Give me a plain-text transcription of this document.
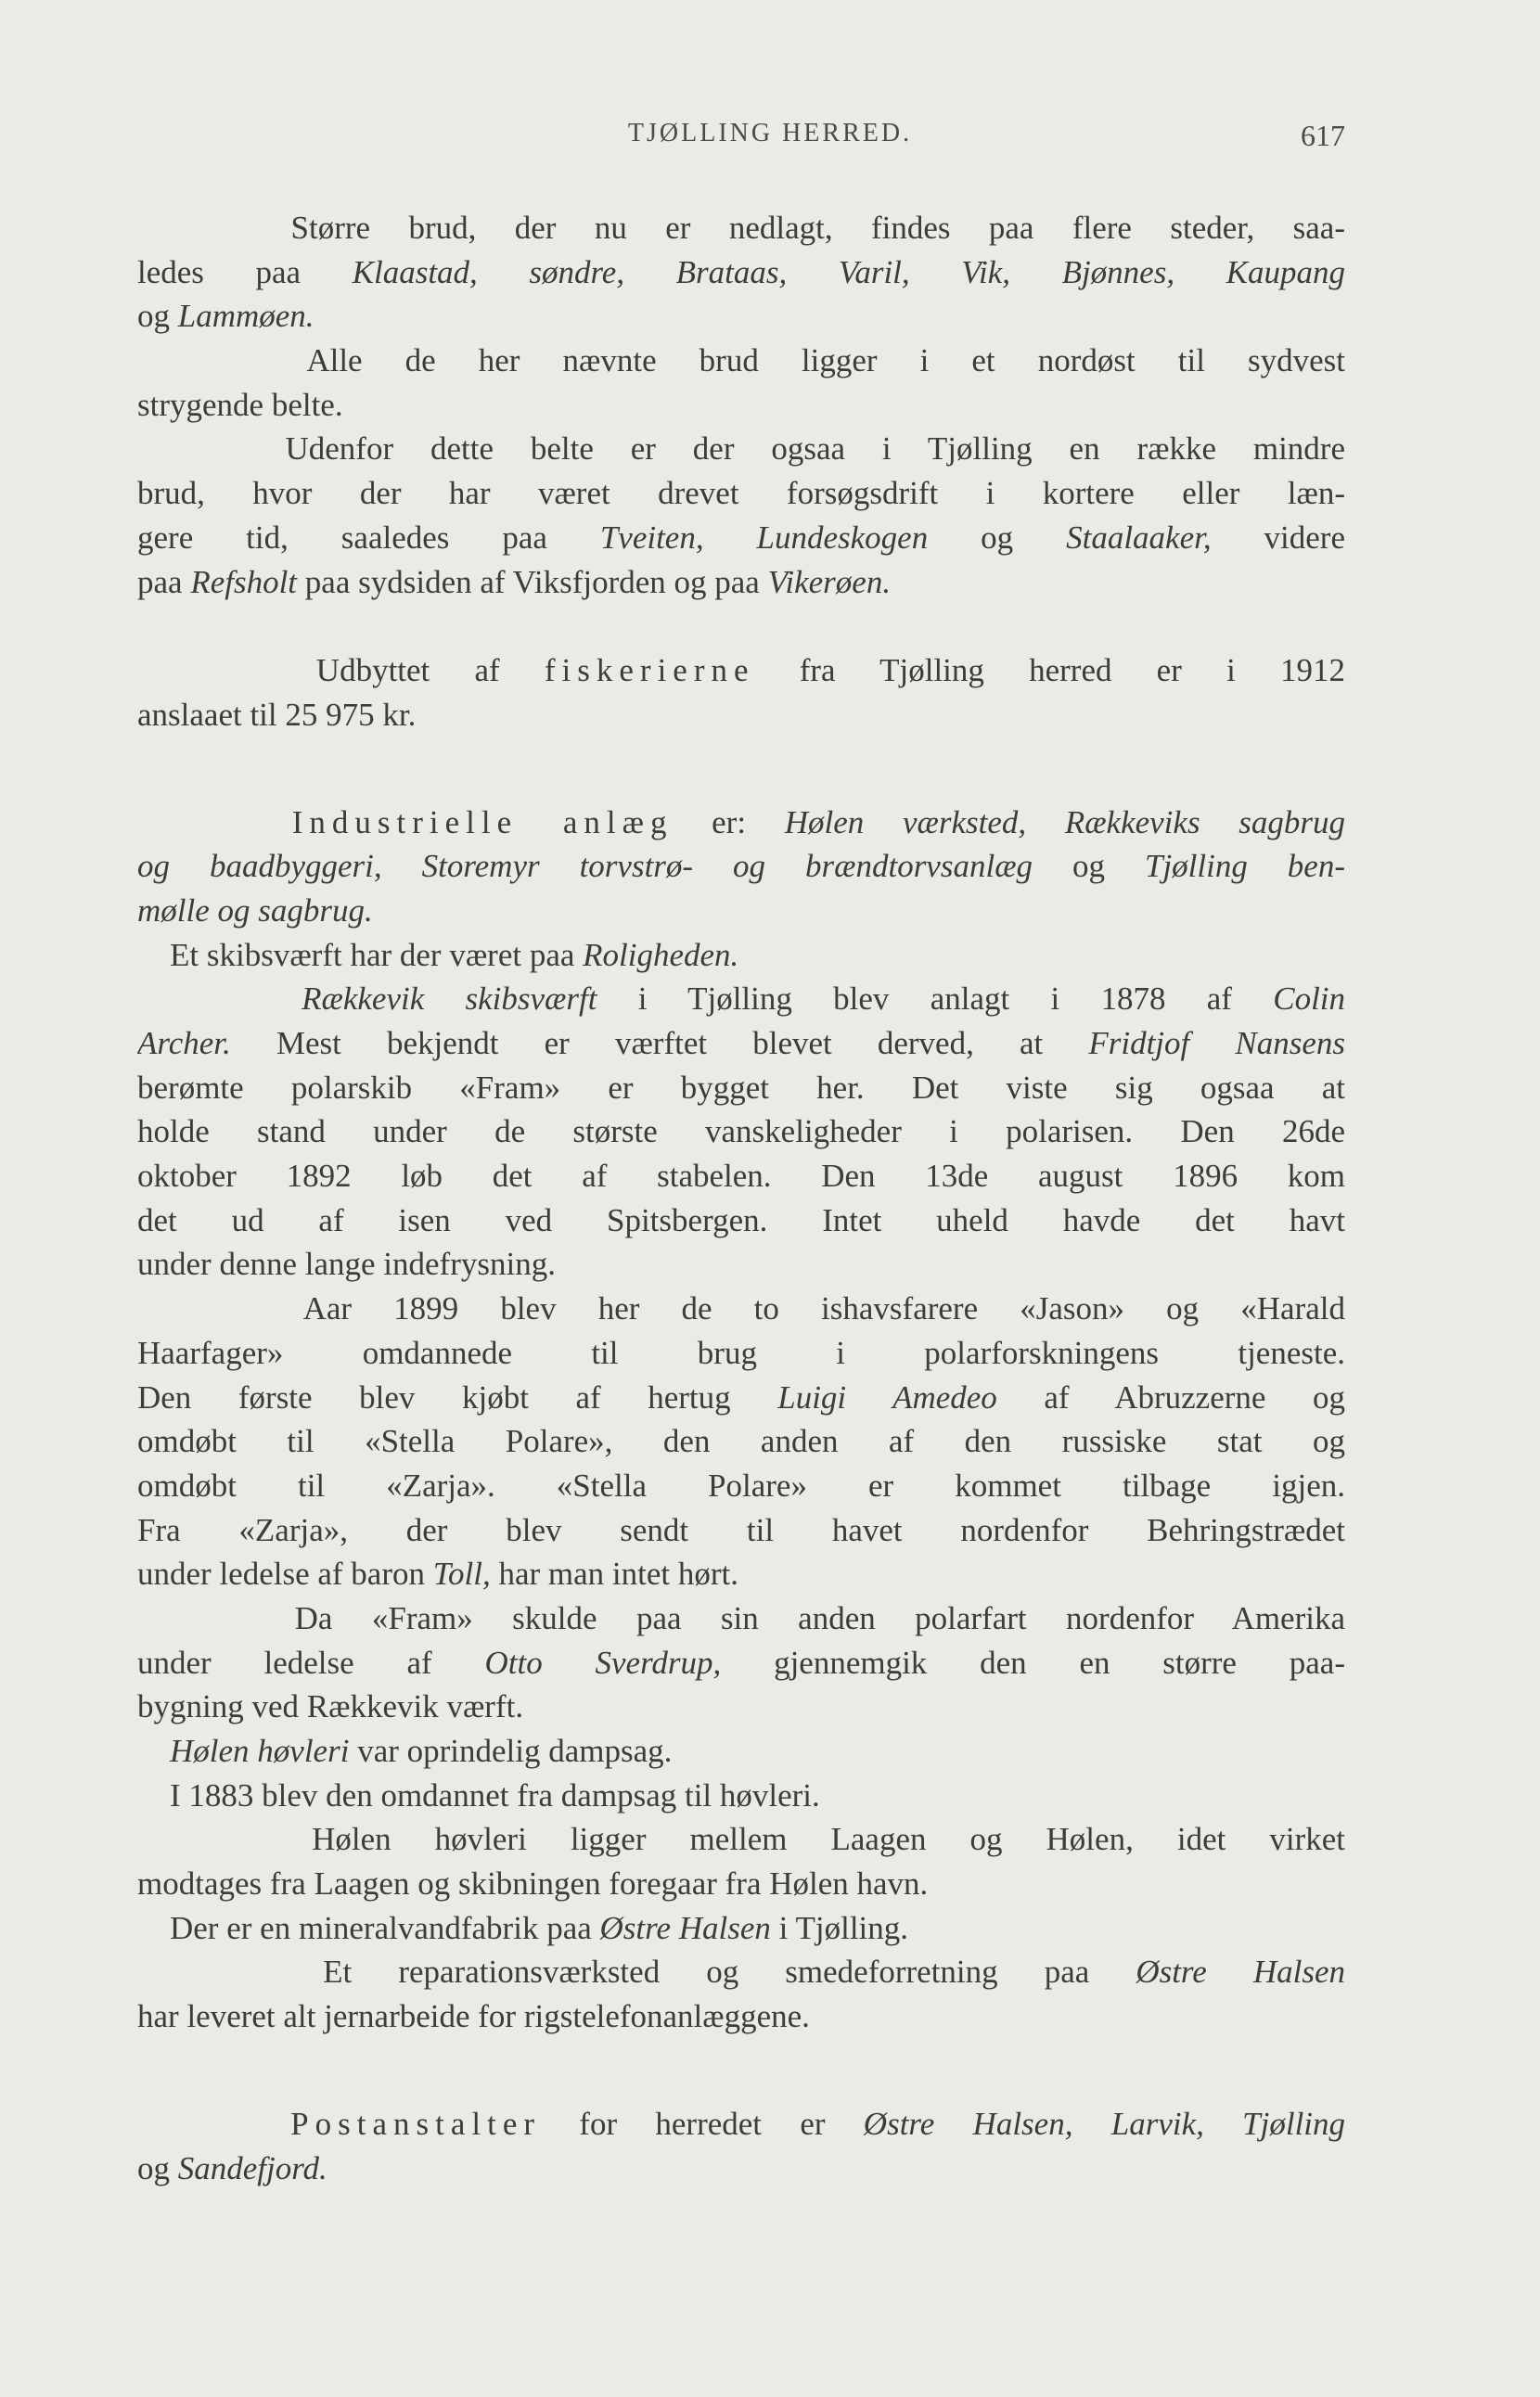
TJØLLING HERRED.	617
Større brud, der nu er nedlagt, findes paa flere steder, saa-
ledes paa Klaastad, søndre, Brataas, Varil, Vik, Bjønnes, Kaupang
og Lammøen.
Alle de her nævnte brud ligger i et nordøst til sydvest
strygende belte.
Udenfor dette belte er der ogsaa i Tjølling en række mindre
brud, hvor der har været drevet forsøgsdrift i kortere eller læn-
gere tid, saaledes paa Tveiten, Lundeskogen og Staalaaker, videre
paa Refsholt paa sydsiden af Viksfjorden og paa Vikerøen.
Udbyttet af fiskerierne fra Tjølling herred er i 1912
anslaaet til 25 975 kr.
Industrielle anlæg er: Hølen værksted, Rækkeviks sagbrug
og baadbyggeri, Storemyr torvstrø- og brændtorvsanlæg og Tjølling ben-
mølle og sagbrug.
Et skibsværft har der været paa Roligheden.
Rækkevik skibsværft i Tjølling blev anlagt i 1878 af Colin
Archer. Mest bekjendt er værftet blevet derved, at Fridtjof Nansens
berømte polarskib «Fram» er bygget her. Det viste sig ogsaa at
holde stand under de største vanskeligheder i polarisen. Den 26de
oktober 1892 løb det af stabelen. Den 13de august 1896 kom
det ud af isen ved Spitsbergen. Intet uheld havde det havt
under denne lange indefrysning.
Aar 1899 blev her de to ishavsfarere «Jason» og «Harald
Haarfager» omdannede til brug i polarforskningens tjeneste.
Den første blev kjøbt af hertug Luigi Amedeo af Abruzzerne og
omdøbt til «Stella Polare», den anden af den russiske stat og
omdøbt til «Zarja». «Stella Polare» er kommet tilbage igjen.
Fra «Zarja», der blev sendt til havet nordenfor Behringstrædet
under ledelse af baron Toll, har man intet hørt.
Da «Fram» skulde paa sin anden polarfart nordenfor Amerika
under ledelse af Otto Sverdrup, gjennemgik den en større paa-
bygning ved Rækkevik værft.
Hølen høvleri var oprindelig dampsag.
I 1883 blev den omdannet fra dampsag til høvleri.
Hølen høvleri ligger mellem Laagen og Hølen, idet virket
modtages fra Laagen og skibningen foregaar fra Hølen havn.
Der er en mineralvandfabrik paa Østre Halsen i Tjølling.
Et reparationsværksted og smedeforretning paa Østre Halsen
har leveret alt jernarbeide for rigstelefonanlæggene.
Postanstalter for herredet er Østre Halsen, Larvik, Tjølling
og Sandefjord.
